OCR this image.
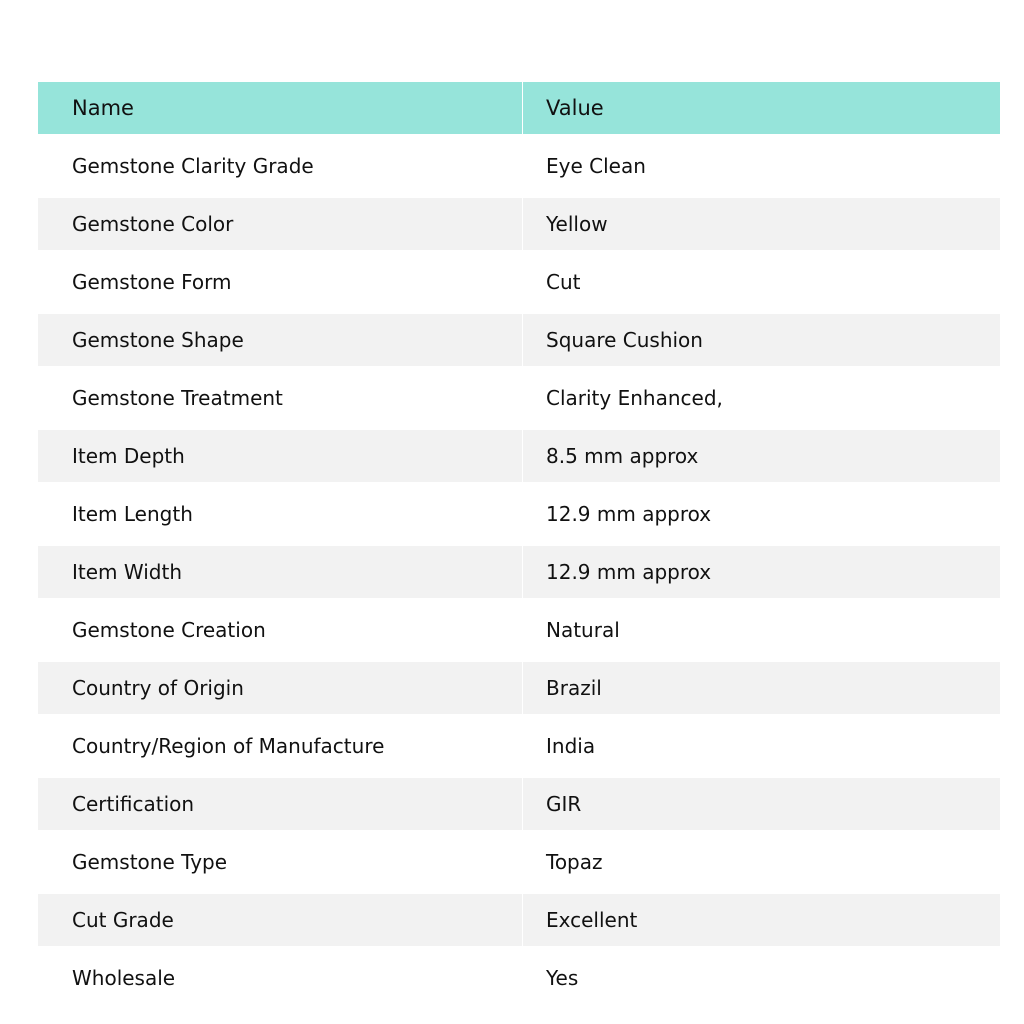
Name	Value
Gemstone Clarity Grade	Eye Clean
Gemstone Color	Yellow
Gemstone Form	Cut
Gemstone Shape	Square Cushion
Gemstone Treatment	Clarity Enhanced,
Item Depth	8.5 mm approx
Item Length	12.9 mm approx
Item Width	12.9 mm approx
Gemstone Creation	Natural
Country of Origin	Brazil
Country/Region of Manufacture	India
Certification	GIR
Gemstone Type	Topaz
Cut Grade	Excellent
Wholesale	Yes
